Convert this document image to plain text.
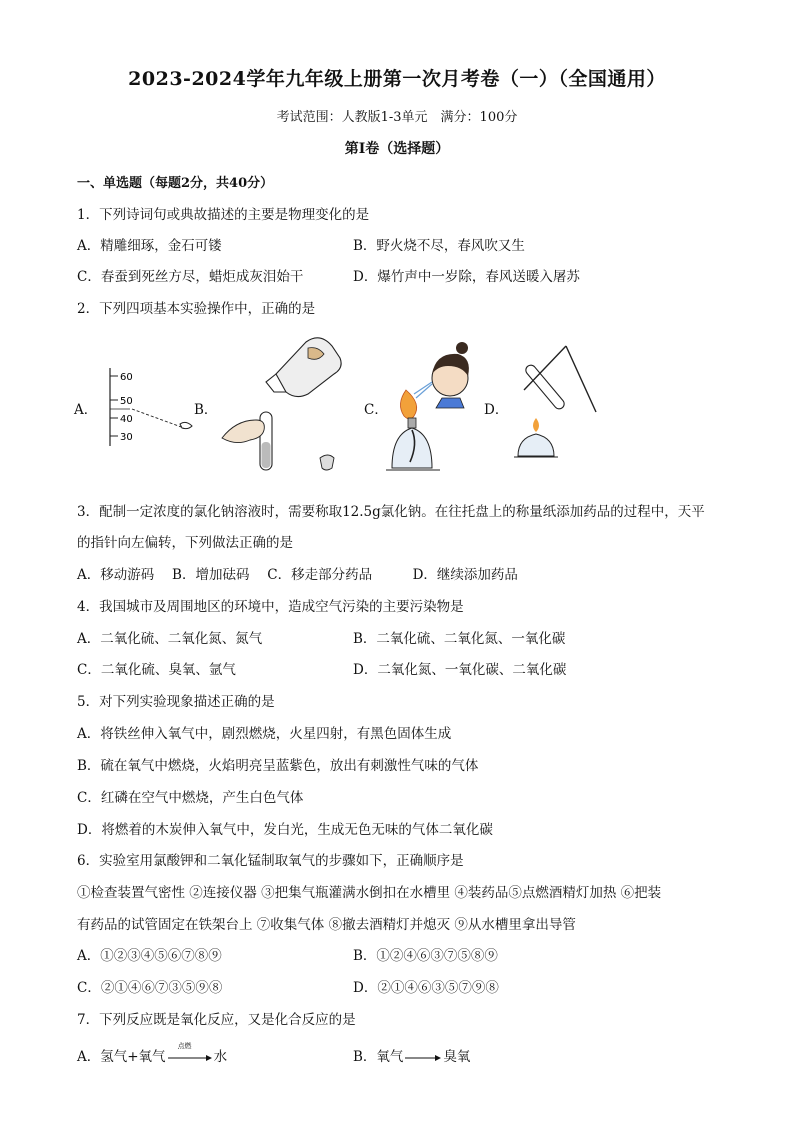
2023-2024学年九年级上册第一次月考卷（一）（全国通用）
考试范围：人教版1-3单元　满分：100分
第Ⅰ卷（选择题）
一、单选题（每题2分，共40分）
1．下列诗词句或典故描述的主要是物理变化的是
A．精雕细琢，金石可镂	B．野火烧不尽，春风吹又生
C．春蚕到死丝方尽，蜡炬成灰泪始干	D．爆竹声中一岁除，春风送暖入屠苏
2．下列四项基本实验操作中，正确的是
A．	B．	C．	D．
60
50
40
30
3．配制一定浓度的氯化钠溶液时，需要称取12.5g氯化钠。在往托盘上的称量纸添加药品的过程中，天平
的指针向左偏转，下列做法正确的是
A．移动游码　 B．增加砝码　 C．移走部分药品　　　D．继续添加药品
4．我国城市及周围地区的环境中，造成空气污染的主要污染物是
A．二氧化硫、二氧化氮、氮气	B．二氧化硫、二氧化氮、一氧化碳
C．二氧化硫、臭氧、氩气	D．二氧化氮、一氧化碳、二氧化碳
5．对下列实验现象描述正确的是
A．将铁丝伸入氧气中，剧烈燃烧，火星四射，有黑色固体生成
B．硫在氧气中燃烧，火焰明亮呈蓝紫色，放出有刺激性气味的气体
C．红磷在空气中燃烧，产生白色气体
D．将燃着的木炭伸入氧气中，发白光，生成无色无味的气体二氧化碳
6．实验室用氯酸钾和二氧化锰制取氧气的步骤如下，正确顺序是
①检查装置气密性 ②连接仪器 ③把集气瓶灌满水倒扣在水槽里 ④装药品⑤点燃酒精灯加热 ⑥把装
有药品的试管固定在铁架台上 ⑦收集气体 ⑧撤去酒精灯并熄灭 ⑨从水槽里拿出导管
A．①②③④⑤⑥⑦⑧⑨	B．①②④⑥③⑦⑤⑧⑨
C．②①④⑥⑦③⑤⑨⑧	D．②①④⑥③⑤⑦⑨⑧
7．下列反应既是氧化反应，又是化合反应的是
A．氢气+氧气
点燃
水	B．氧气→臭氧
